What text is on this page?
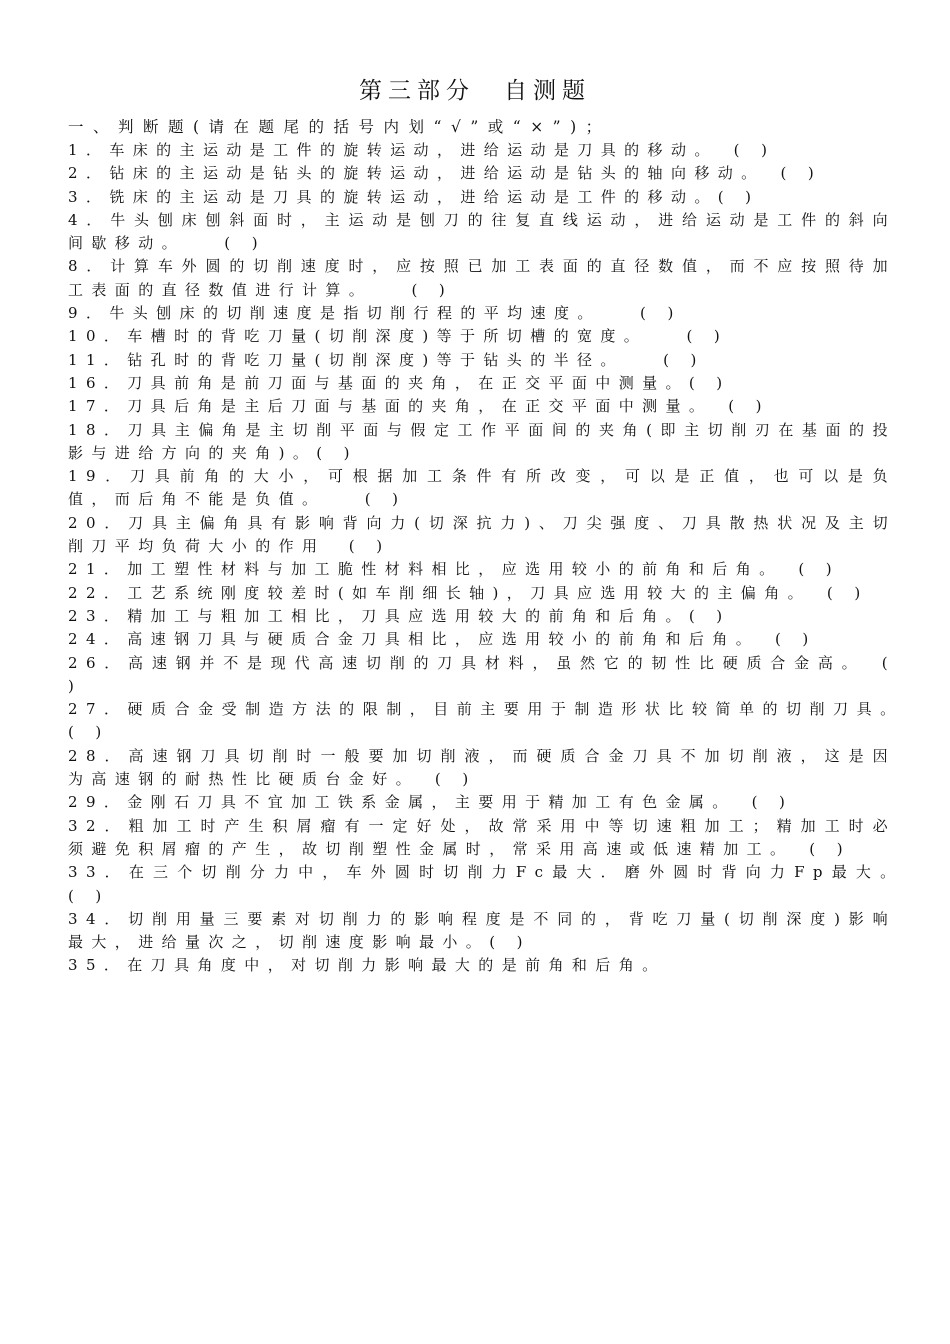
第三部分　自测题
一、判断题(请在题尾的括号内划“√”或“×”)；

1．车床的主运动是工件的旋转运动，进给运动是刀具的移动。　( )

2．钻床的主运动是钻头的旋转运动，进给运动是钻头的轴向移动。　( )

3．铣床的主运动是刀具的旋转运动，进给运动是工件的移动。( )

4．牛头刨床刨斜面时，主运动是刨刀的往复直线运动，进给运动是工件的斜向间歇移动。　　( )

8．计算车外圆的切削速度时，应按照已加工表面的直径数值，而不应按照待加工表面的直径数值进行计算。　　( )

9．牛头刨床的切削速度是指切削行程的平均速度。　　( )

10．车槽时的背吃刀量(切削深度)等于所切槽的宽度。　　( )

11．钻孔时的背吃刀量(切削深度)等于钻头的半径。　　( )

16．刀具前角是前刀面与基面的夹角，在正交平面中测量。( )

17．刀具后角是主后刀面与基面的夹角，在正交平面中测量。　( )

18．刀具主偏角是主切削平面与假定工作平面间的夹角(即主切削刃在基面的投影与进给方向的夹角)。( )

19．刀具前角的大小，可根据加工条件有所改变，可以是正值，也可以是负值，而后角不能是负值。　　( )

20．刀具主偏角具有影响背向力(切深抗力)、刀尖强度、刀具散热状况及主切削刀平均负荷大小的作用　( )

21．加工塑性材料与加工脆性材料相比，应选用较小的前角和后角。　( )

22．工艺系统刚度较差时(如车削细长轴)，刀具应选用较大的主偏角。　( )

23．精加工与粗加工相比，刀具应选用较大的前角和后角。( )

24．高速钢刀具与硬质合金刀具相比，应选用较小的前角和后角。　( )

26．高速钢并不是现代高速切削的刀具材料，虽然它的韧性比硬质合金高。　( )

27．硬质合金受制造方法的限制，目前主要用于制造形状比较简单的切削刀具。　( )

28．高速钢刀具切削时一般要加切削液，而硬质合金刀具不加切削液，这是因为高速钢的耐热性比硬质台金好。　( )

29．金刚石刀具不宜加工铁系金属，主要用于精加工有色金属。　( )

32．粗加工时产生积屑瘤有一定好处，故常采用中等切速粗加工；精加工时必须避免积屑瘤的产生，故切削塑性金属时，常采用高速或低速精加工。　( )

33．在三个切削分力中，车外圆时切削力Fc最大．磨外圆时背向力Fp最大。　( )

34．切削用量三要素对切削力的影响程度是不同的，背吃刀量(切削深度)影响最大，进给量次之，切削速度影响最小。( )

35．在刀具角度中，对切削力影响最大的是前角和后角。
